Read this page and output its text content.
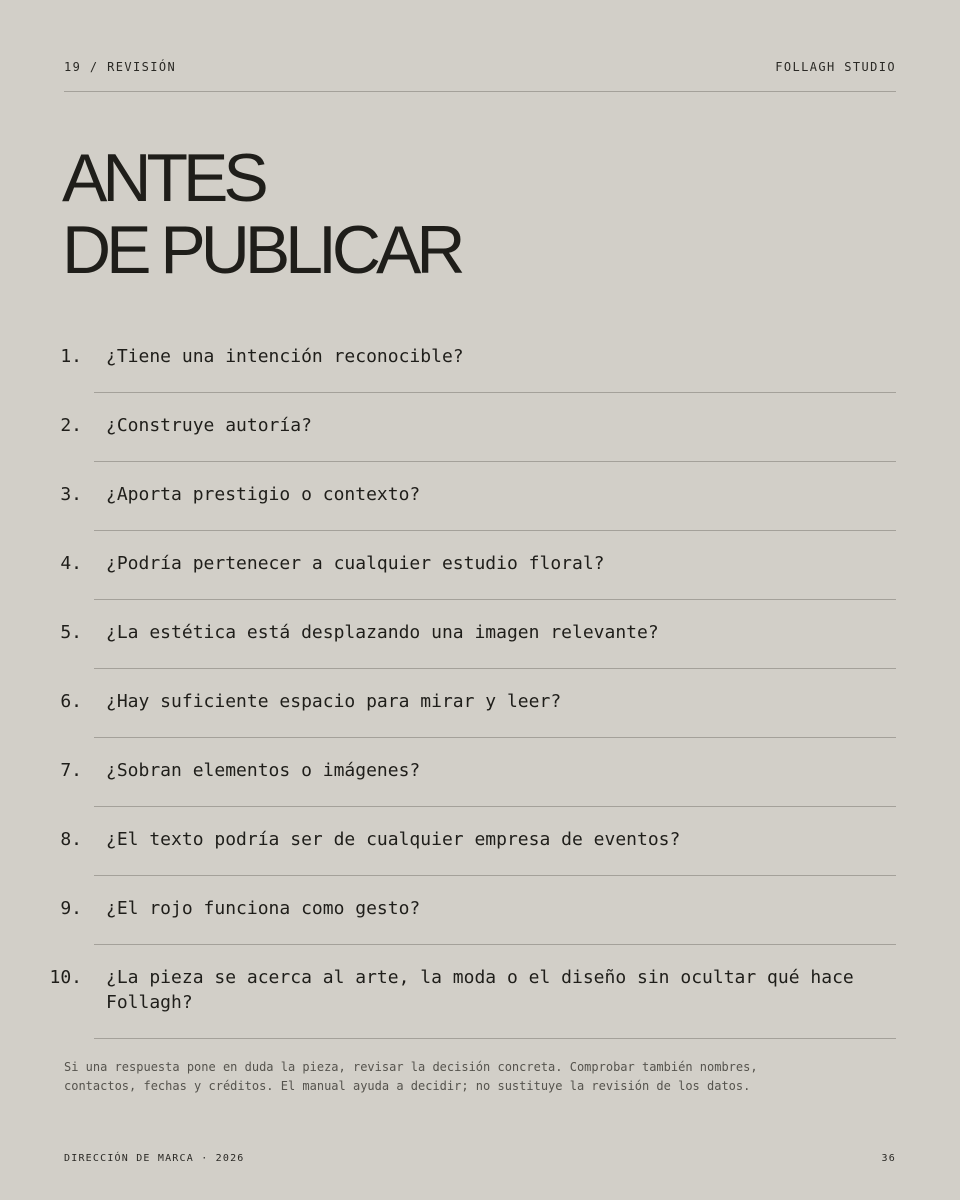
19 / REVISIÓN	FOLLAGH STUDIO
ANTES
DE PUBLICAR
1. ¿Tiene una intención reconocible?
2. ¿Construye autoría?
3. ¿Aporta prestigio o contexto?
4. ¿Podría pertenecer a cualquier estudio floral?
5. ¿La estética está desplazando una imagen relevante?
6. ¿Hay suficiente espacio para mirar y leer?
7. ¿Sobran elementos o imágenes?
8. ¿El texto podría ser de cualquier empresa de eventos?
9. ¿El rojo funciona como gesto?
10. ¿La pieza se acerca al arte, la moda o el diseño sin ocultar qué hace Follagh?

Si una respuesta pone en duda la pieza, revisar la decisión concreta. Comprobar también nombres, contactos, fechas y créditos. El manual ayuda a decidir; no sustituye la revisión de los datos.

DIRECCIÓN DE MARCA · 2026	36
